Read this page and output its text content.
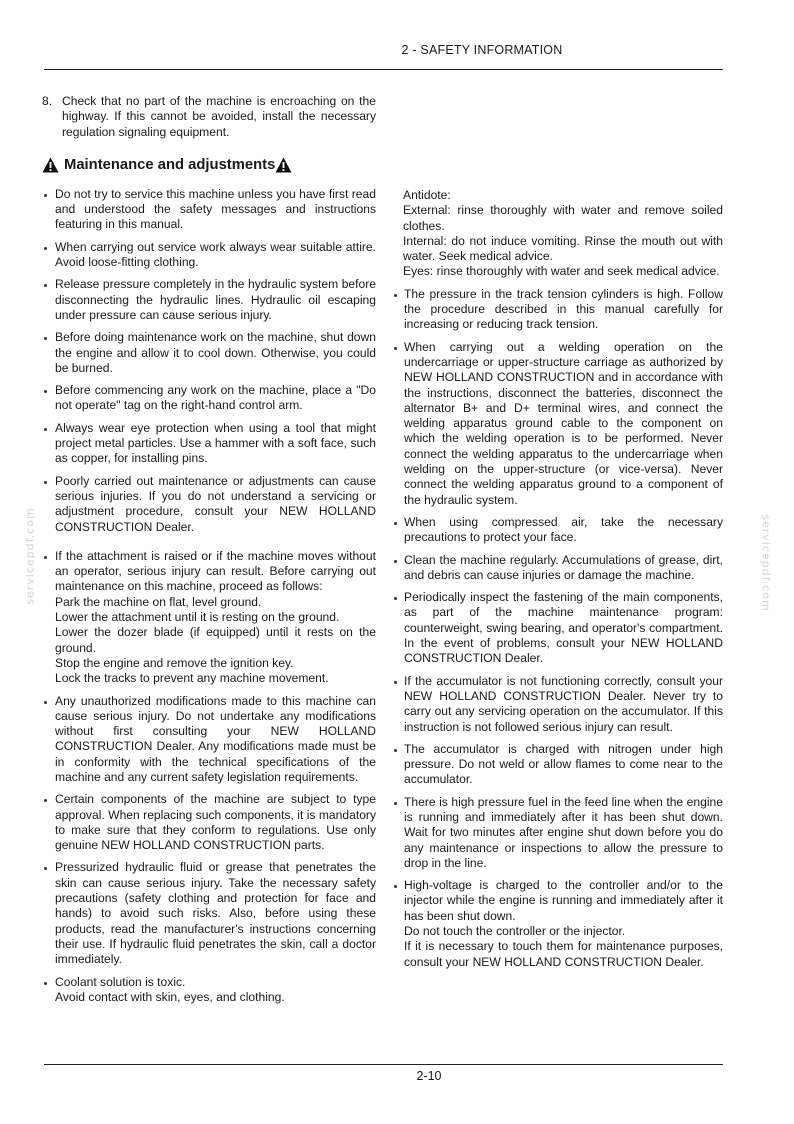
2 - SAFETY INFORMATION
2-10
servicepdf.com	servicepdf.com
8. Check that no part of the machine is encroaching on the highway. If this cannot be avoided, install the necessary regulation signaling equipment.
Maintenance and adjustments
Do not try to service this machine unless you have first read and understood the safety messages and instructions featuring in this manual.
When carrying out service work always wear suitable attire. Avoid loose-fitting clothing.
Release pressure completely in the hydraulic system before disconnecting the hydraulic lines. Hydraulic oil escaping under pressure can cause serious injury.
Before doing maintenance work on the machine, shut down the engine and allow it to cool down. Otherwise, you could be burned.
Before commencing any work on the machine, place a "Do not operate" tag on the right-hand control arm.
Always wear eye protection when using a tool that might project metal particles. Use a hammer with a soft face, such as copper, for installing pins.
Poorly carried out maintenance or adjustments can cause serious injuries. If you do not understand a servicing or adjustment procedure, consult your NEW HOLLAND CONSTRUCTION Dealer.
If the attachment is raised or if the machine moves without an operator, serious injury can result. Before carrying out maintenance on this machine, proceed as follows:
Park the machine on flat, level ground.
Lower the attachment until it is resting on the ground.
Lower the dozer blade (if equipped) until it rests on the ground.
Stop the engine and remove the ignition key.
Lock the tracks to prevent any machine movement.
Any unauthorized modifications made to this machine can cause serious injury. Do not undertake any modifications without first consulting your NEW HOLLAND CONSTRUCTION Dealer. Any modifications made must be in conformity with the technical specifications of the machine and any current safety legislation requirements.
Certain components of the machine are subject to type approval. When replacing such components, it is mandatory to make sure that they conform to regulations. Use only genuine NEW HOLLAND CONSTRUCTION parts.
Pressurized hydraulic fluid or grease that penetrates the skin can cause serious injury. Take the necessary safety precautions (safety clothing and protection for face and hands) to avoid such risks. Also, before using these products, read the manufacturer's instructions concerning their use. If hydraulic fluid penetrates the skin, call a doctor immediately.
Coolant solution is toxic.
Avoid contact with skin, eyes, and clothing.
Antidote:
External: rinse thoroughly with water and remove soiled clothes.
Internal: do not induce vomiting. Rinse the mouth out with water. Seek medical advice.
Eyes: rinse thoroughly with water and seek medical advice.
The pressure in the track tension cylinders is high. Follow the procedure described in this manual carefully for increasing or reducing track tension.
When carrying out a welding operation on the undercarriage or upper-structure carriage as authorized by NEW HOLLAND CONSTRUCTION and in accordance with the instructions, disconnect the batteries, disconnect the alternator B+ and D+ terminal wires, and connect the welding apparatus ground cable to the component on which the welding operation is to be performed. Never connect the welding apparatus to the undercarriage when welding on the upper-structure (or vice-versa). Never connect the welding apparatus ground to a component of the hydraulic system.
When using compressed air, take the necessary precautions to protect your face.
Clean the machine regularly. Accumulations of grease, dirt, and debris can cause injuries or damage the machine.
Periodically inspect the fastening of the main components, as part of the machine maintenance program: counterweight, swing bearing, and operator's compartment. In the event of problems, consult your NEW HOLLAND CONSTRUCTION Dealer.
If the accumulator is not functioning correctly, consult your NEW HOLLAND CONSTRUCTION Dealer. Never try to carry out any servicing operation on the accumulator. If this instruction is not followed serious injury can result.
The accumulator is charged with nitrogen under high pressure. Do not weld or allow flames to come near to the accumulator.
There is high pressure fuel in the feed line when the engine is running and immediately after it has been shut down. Wait for two minutes after engine shut down before you do any maintenance or inspections to allow the pressure to drop in the line.
High-voltage is charged to the controller and/or to the injector while the engine is running and immediately after it has been shut down.
Do not touch the controller or the injector.
If it is necessary to touch them for maintenance purposes, consult your NEW HOLLAND CONSTRUCTION Dealer.
